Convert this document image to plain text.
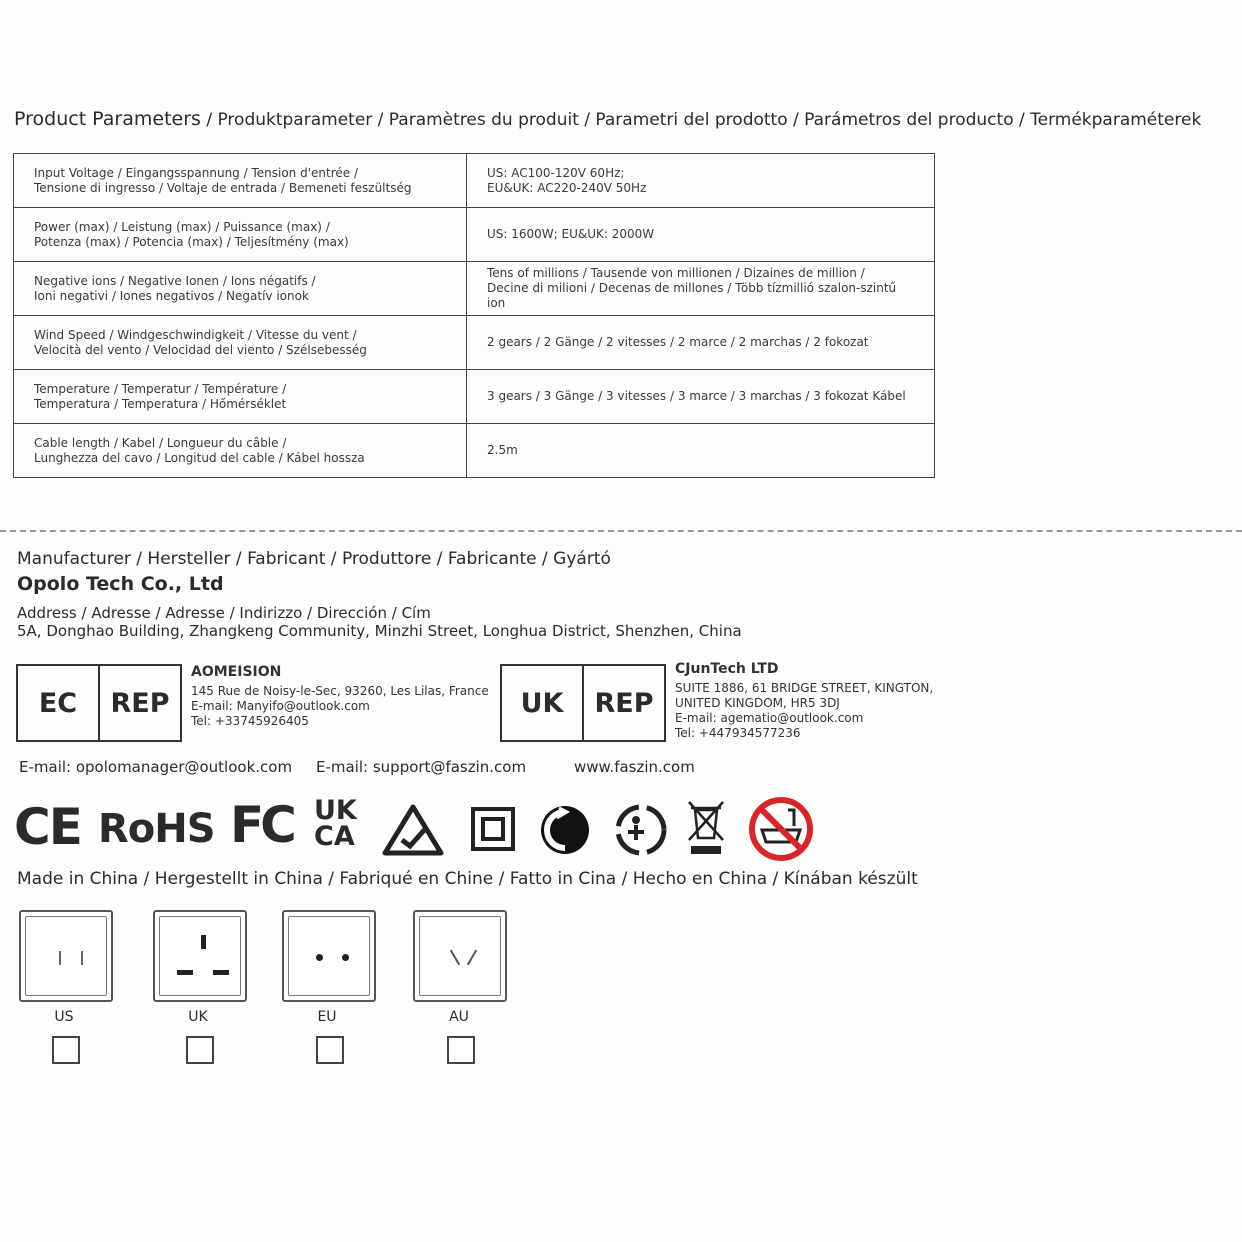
Product Parameters / Produktparameter / Paramètres du produit / Parametri del prodotto / Parámetros del producto / Termékparaméterek
Input Voltage / Eingangsspannung / Tension d'entrée /
Tensione di ingresso / Voltaje de entrada / Bemeneti feszültség	US: AC100-120V 60Hz;
EU&UK: AC220-240V 50Hz
Power (max) / Leistung (max) / Puissance (max) /
Potenza (max) / Potencia (max) / Teljesítmény (max)	US: 1600W; EU&UK: 2000W
Negative ions / Negative Ionen / Ions négatifs /
Ioni negativi / Iones negativos / Negatív ionok	Tens of millions / Tausende von millionen / Dizaines de million /
Decine di milioni / Decenas de millones / Több tízmillió szalon-szintű ion
Wind Speed / Windgeschwindigkeit / Vitesse du vent /
Velocità del vento / Velocidad del viento / Szélsebesség	2 gears / 2 Gänge / 2 vitesses / 2 marce / 2 marchas / 2 fokozat
Temperature / Temperatur / Température /
Temperatura / Temperatura / Hőmérséklet	3 gears / 3 Gänge / 3 vitesses / 3 marce / 3 marchas / 3 fokozat Kábel
Cable length / Kabel / Longueur du câble /
Lunghezza del cavo / Longitud del cable / Kábel hossza	2.5m
Manufacturer / Hersteller / Fabricant / Produttore / Fabricante / Gyártó
Opolo Tech Co., Ltd
Address / Adresse / Adresse / Indirizzo / Dirección / Cím
5A, Donghao Building, Zhangkeng Community, Minzhi Street, Longhua District, Shenzhen, China
EC	REP
AOMEISION
145 Rue de Noisy-le-Sec, 93260, Les Lilas, France
E-mail: Manyifo@outlook.com
Tel: +33745926405
UK	REP
CJunTech LTD
SUITE 1886, 61 BRIDGE STREET, KINGTON,
UNITED KINGDOM, HR5 3DJ
E-mail: agematio@outlook.com
Tel: +447934577236
E-mail: opolomanager@outlook.com E-mail: support@faszin.com	www.faszin.com
CE RoHS FC UK
CA
Made in China / Hergestellt in China / Fabriqué en Chine / Fatto in Cina / Hecho en China / Kínában készült
US	UK	EU	AU
